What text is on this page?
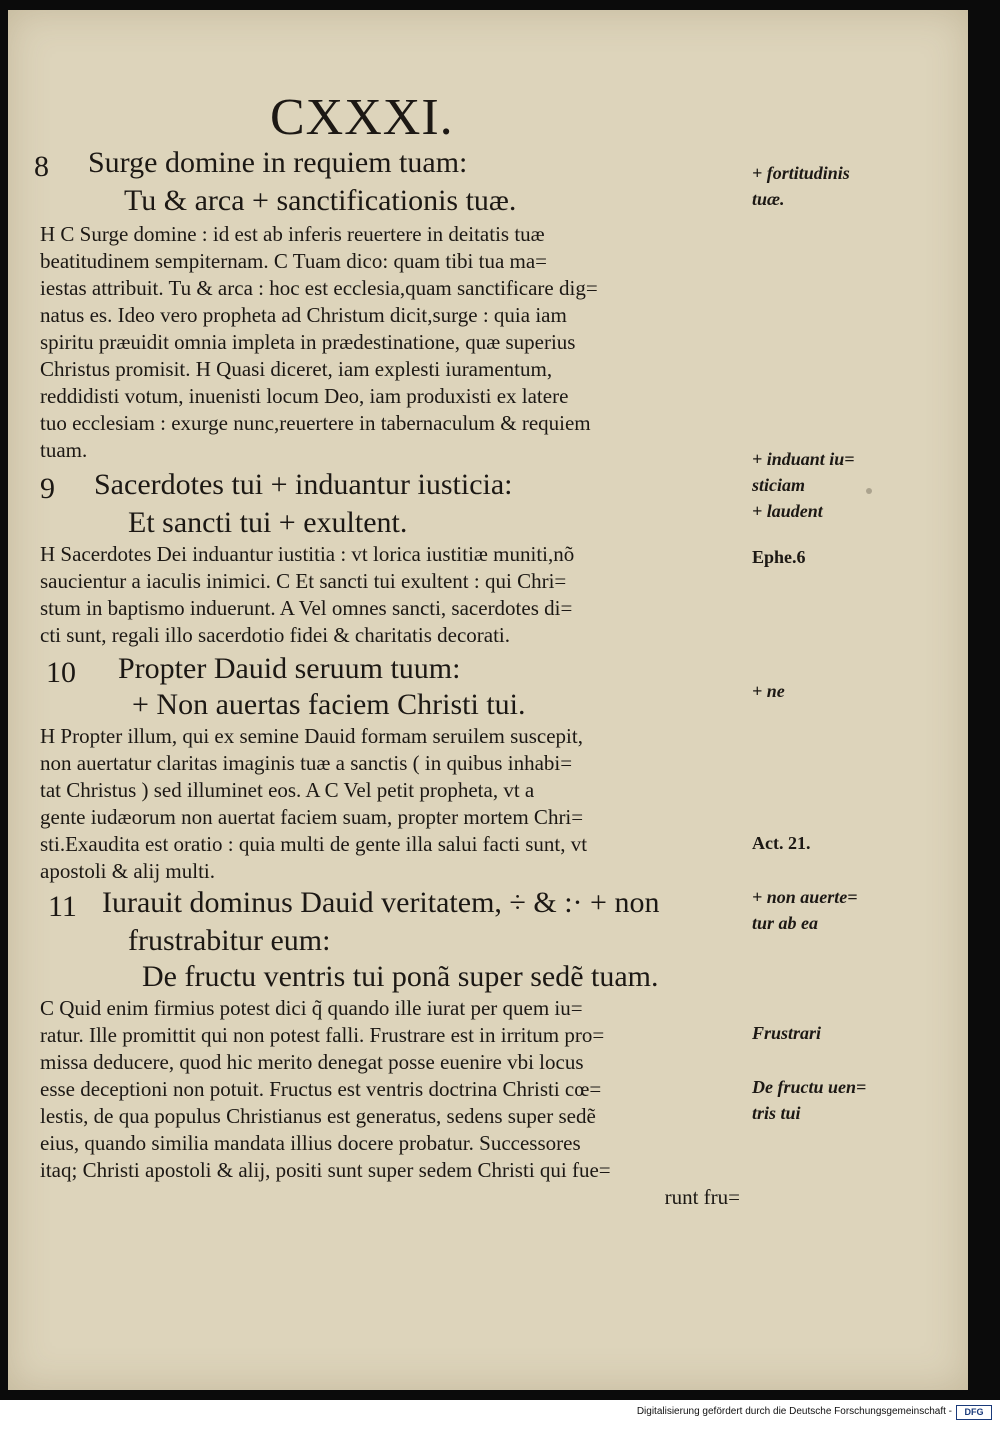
CXXXI.
8 Surge domine in requiem tuam:
Tu & arca + sanctificationis tuæ.
H C Surge domine : id est ab inferis reuertere in deitatis tuæ
beatitudinem sempiternam. C Tuam dico: quam tibi tua ma=
iestas attribuit. Tu & arca : hoc est ecclesia,quam sanctificare dig=
natus es. Ideo vero propheta ad Christum dicit,surge : quia iam
spiritu præuidit omnia impleta in prædestinatione, quæ superius
Christus promisit. H Quasi diceret, iam explesti iuramentum,
reddidisti votum, inuenisti locum Deo, iam produxisti ex latere
tuo ecclesiam : exurge nunc,reuertere in tabernaculum & requiem
tuam.
9 Sacerdotes tui + induantur iusticia:
Et sancti tui + exultent.
H Sacerdotes Dei induantur iustitia : vt lorica iustitiæ muniti,nõ
saucientur a iaculis inimici. C Et sancti tui exultent : qui Chri=
stum in baptismo induerunt. A Vel omnes sancti, sacerdotes di=
cti sunt, regali illo sacerdotio fidei & charitatis decorati.
10 Propter Dauid seruum tuum:
+ Non auertas faciem Christi tui.
H Propter illum, qui ex semine Dauid formam seruilem suscepit,
non auertatur claritas imaginis tuæ a sanctis ( in quibus inhabi=
tat Christus ) sed illuminet eos. A C Vel petit propheta, vt a
gente iudæorum non auertat faciem suam, propter mortem Chri=
sti.Exaudita est oratio : quia multi de gente illa salui facti sunt, vt
apostoli & alij multi.
11 Iurauit dominus Dauid veritatem, ÷ & :· + non
frustrabitur eum:
De fructu ventris tui ponã super sedẽ tuam.
C Quid enim firmius potest dici q̃ quando ille iurat per quem iu=
ratur. Ille promittit qui non potest falli. Frustrare est in irritum pro=
missa deducere, quod hic merito denegat posse euenire vbi locus
esse deceptioni non potuit. Fructus est ventris doctrina Christi cœ=
lestis, de qua populus Christianus est generatus, sedens super sedẽ
eius, quando similia mandata illius docere probatur. Successores
itaq; Christi apostoli & alij, positi sunt super sedem Christi qui fue=
runt fru=
+ fortitudinis
tuæ.
+ induant iu=
sticiam
+ laudent
Ephe.6
+ ne
Act. 21.
+ non auerte=
tur ab ea
Frustrari
De fructu uen=
tris tui
Digitalisierung gefördert durch die Deutsche Forschungsgemeinschaft -	DFG
